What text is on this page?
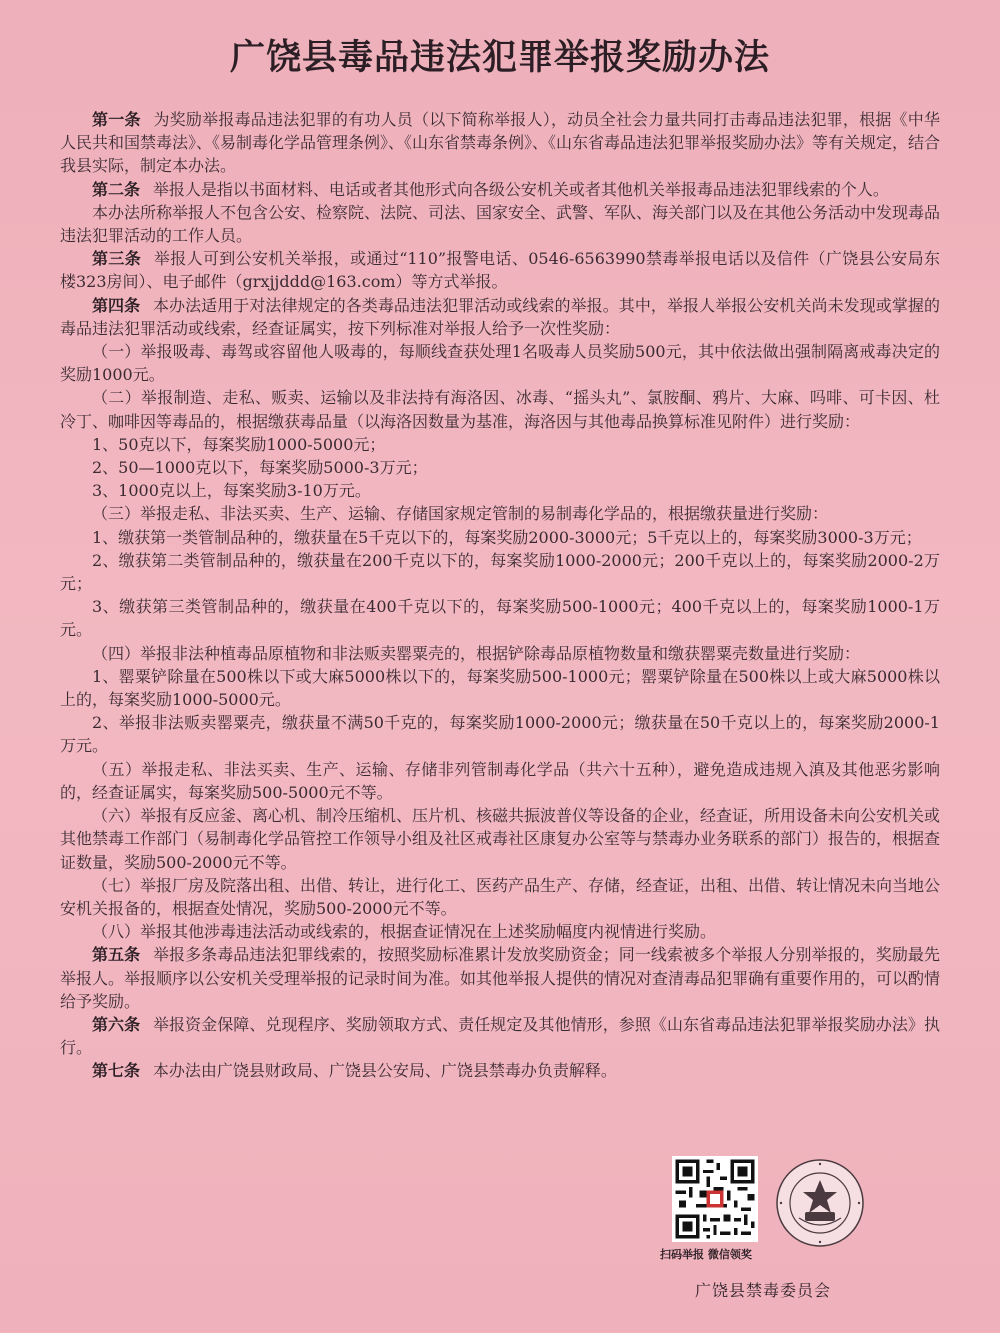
广饶县毒品违法犯罪举报奖励办法

第一条 为奖励举报毒品违法犯罪的有功人员（以下简称举报人），动员全社会力量共同打击毒品违法犯罪，根据《中华人民共和国禁毒法》、《易制毒化学品管理条例》、《山东省禁毒条例》、《山东省毒品违法犯罪举报奖励办法》等有关规定，结合我县实际，制定本办法。

第二条 举报人是指以书面材料、电话或者其他形式向各级公安机关或者其他机关举报毒品违法犯罪线索的个人。

本办法所称举报人不包含公安、检察院、法院、司法、国家安全、武警、军队、海关部门以及在其他公务活动中发现毒品违法犯罪活动的工作人员。

第三条 举报人可到公安机关举报，或通过“110”报警电话、0546-6563990禁毒举报电话以及信件（广饶县公安局东楼323房间）、电子邮件（grxjjddd@163.com）等方式举报。

第四条 本办法适用于对法律规定的各类毒品违法犯罪活动或线索的举报。其中，举报人举报公安机关尚未发现或掌握的毒品违法犯罪活动或线索，经查证属实，按下列标准对举报人给予一次性奖励：

（一）举报吸毒、毒驾或容留他人吸毒的，每顺线查获处理1名吸毒人员奖励500元，其中依法做出强制隔离戒毒决定的奖励1000元。

（二）举报制造、走私、贩卖、运输以及非法持有海洛因、冰毒、“摇头丸”、氯胺酮、鸦片、大麻、吗啡、可卡因、杜冷丁、咖啡因等毒品的，根据缴获毒品量（以海洛因数量为基准，海洛因与其他毒品换算标准见附件）进行奖励：

1、50克以下，每案奖励1000-5000元；

2、50—1000克以下，每案奖励5000-3万元；

3、1000克以上，每案奖励3-10万元。

（三）举报走私、非法买卖、生产、运输、存储国家规定管制的易制毒化学品的，根据缴获量进行奖励：

1、缴获第一类管制品种的，缴获量在5千克以下的，每案奖励2000-3000元；5千克以上的，每案奖励3000-3万元；

2、缴获第二类管制品种的，缴获量在200千克以下的，每案奖励1000-2000元；200千克以上的，每案奖励2000-2万元；

3、缴获第三类管制品种的，缴获量在400千克以下的，每案奖励500-1000元；400千克以上的，每案奖励1000-1万元。

（四）举报非法种植毒品原植物和非法贩卖罂粟壳的，根据铲除毒品原植物数量和缴获罂粟壳数量进行奖励：

1、罂粟铲除量在500株以下或大麻5000株以下的，每案奖励500-1000元；罂粟铲除量在500株以上或大麻5000株以上的，每案奖励1000-5000元。

2、举报非法贩卖罂粟壳，缴获量不满50千克的，每案奖励1000-2000元；缴获量在50千克以上的，每案奖励2000-1万元。

（五）举报走私、非法买卖、生产、运输、存储非列管制毒化学品（共六十五种），避免造成违规入滇及其他恶劣影响的，经查证属实，每案奖励500-5000元不等。

（六）举报有反应釜、离心机、制冷压缩机、压片机、核磁共振波普仪等设备的企业，经查证，所用设备未向公安机关或其他禁毒工作部门（易制毒化学品管控工作领导小组及社区戒毒社区康复办公室等与禁毒办业务联系的部门）报告的，根据查证数量，奖励500-2000元不等。

（七）举报厂房及院落出租、出借、转让，进行化工、医药产品生产、存储，经查证，出租、出借、转让情况未向当地公安机关报备的，根据查处情况，奖励500-2000元不等。

（八）举报其他涉毒违法活动或线索的，根据查证情况在上述奖励幅度内视情进行奖励。

第五条 举报多条毒品违法犯罪线索的，按照奖励标准累计发放奖励资金；同一线索被多个举报人分别举报的，奖励最先举报人。举报顺序以公安机关受理举报的记录时间为准。如其他举报人提供的情况对查清毒品犯罪确有重要作用的，可以酌情给予奖励。

第六条 举报资金保障、兑现程序、奖励领取方式、责任规定及其他情形，参照《山东省毒品违法犯罪举报奖励办法》执行。

第七条 本办法由广饶县财政局、广饶县公安局、广饶县禁毒办负责解释。

扫码举报 微信领奖
广饶县禁毒委员会
